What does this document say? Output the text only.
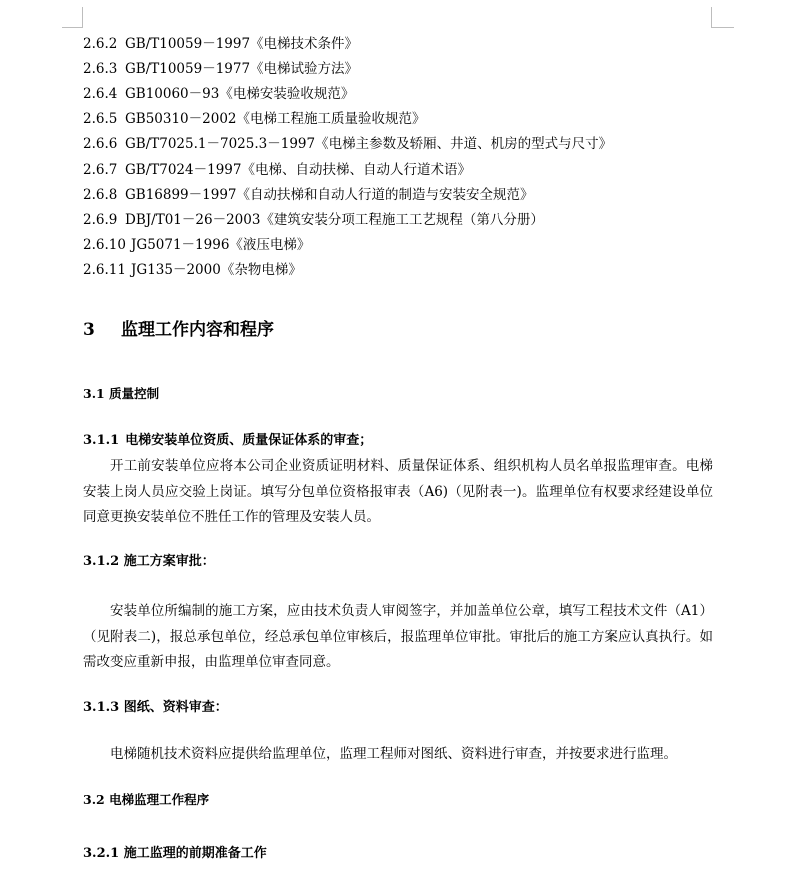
2.6.2 GB/T10059－1997《电梯技术条件》
2.6.3 GB/T10059－1977《电梯试验方法》
2.6.4 GB10060－93《电梯安装验收规范》
2.6.5 GB50310－2002《电梯工程施工质量验收规范》
2.6.6 GB/T7025.1－7025.3－1997《电梯主参数及轿厢、井道、机房的型式与尺寸》
2.6.7 GB/T7024－1997《电梯、自动扶梯、自动人行道术语》
2.6.8 GB16899－1997《自动扶梯和自动人行道的制造与安装安全规范》
2.6.9 DBJ/T01－26－2003《建筑安装分项工程施工工艺规程（第八分册）
2.6.10 JG5071－1996《液压电梯》
2.6.11 JG135－2000《杂物电梯》
3 监理工作内容和程序
3.1 质量控制
3.1.1 电梯安装单位资质、质量保证体系的审查；
开工前安装单位应将本公司企业资质证明材料、质量保证体系、组织机构人员名单报监理审查。电梯安装上岗人员应交验上岗证。填写分包单位资格报审表（A6)（见附表一)。监理单位有权要求经建设单位同意更换安装单位不胜任工作的管理及安装人员。
3.1.2 施工方案审批：
安装单位所编制的施工方案，应由技术负责人审阅签字，并加盖单位公章，填写工程技术文件（A1）（见附表二)，报总承包单位，经总承包单位审核后，报监理单位审批。审批后的施工方案应认真执行。如需改变应重新申报，由监理单位审查同意。
3.1.3 图纸、资料审查：
电梯随机技术资料应提供给监理单位，监理工程师对图纸、资料进行审查，并按要求进行监理。
3.2 电梯监理工作程序
3.2.1 施工监理的前期准备工作
